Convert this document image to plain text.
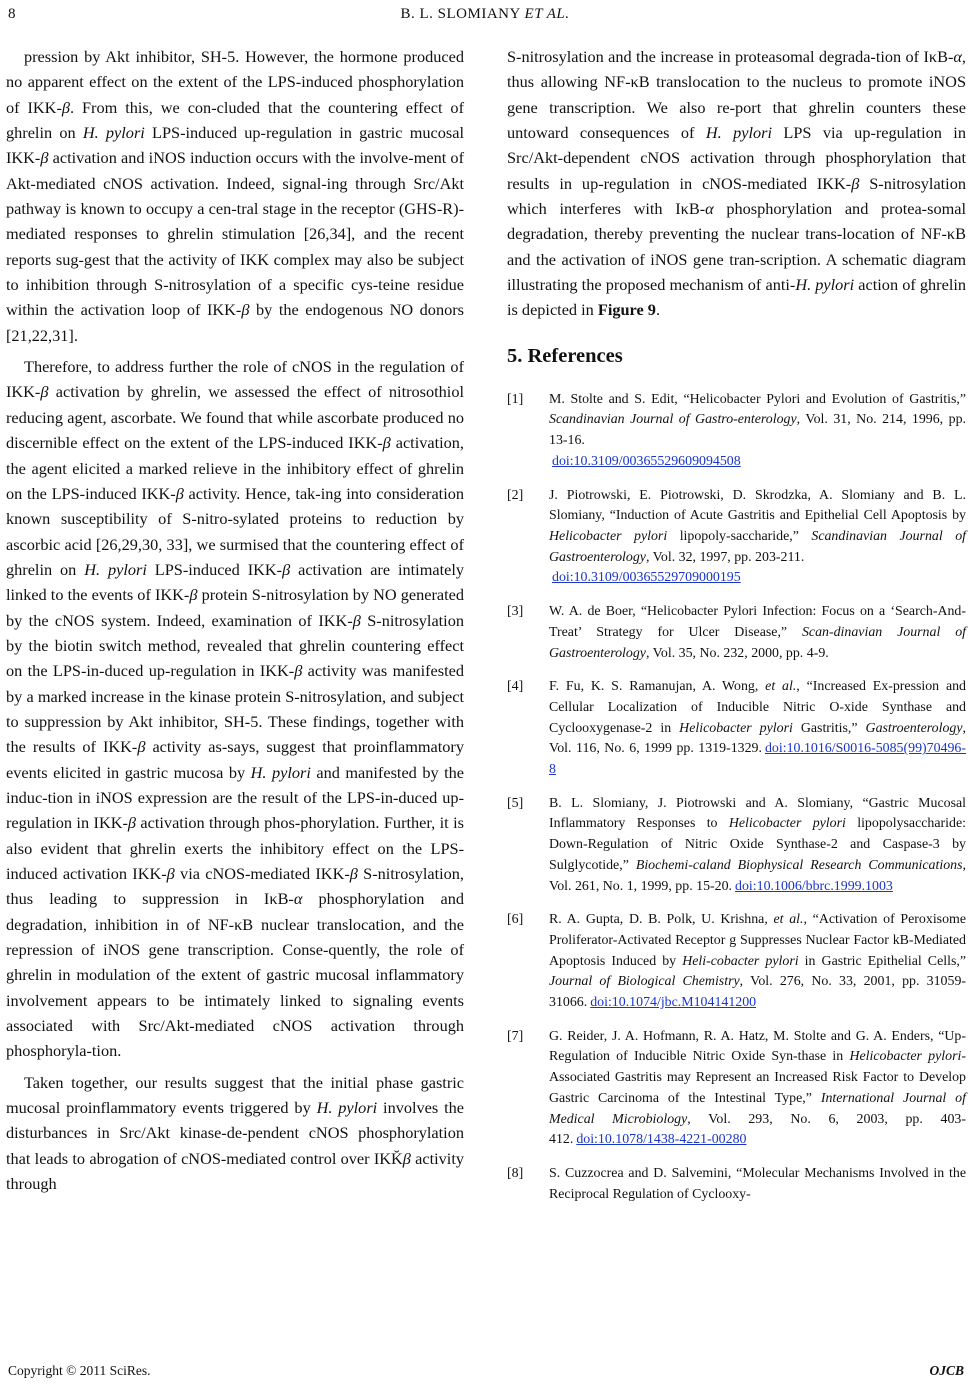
8	B. L. SLOMIANY ET AL.

pression by Akt inhibitor, SH-5. However, the hormone produced no apparent effect on the extent of the LPS-induced phosphorylation of IKK-β. From this, we con-cluded that the countering effect of ghrelin on H. pylori LPS-induced up-regulation in gastric mucosal IKK-β activation and iNOS induction occurs with the involve-ment of Akt-mediated cNOS activation. Indeed, signal-ing through Src/Akt pathway is known to occupy a cen-tral stage in the receptor (GHS-R)-mediated responses to ghrelin stimulation [26,34], and the recent reports sug-gest that the activity of IKK complex may also be subject to inhibition through S-nitrosylation of a specific cys-teine residue within the activation loop of IKK-β by the endogenous NO donors [21,22,31].

Therefore, to address further the role of cNOS in the regulation of IKK-β activation by ghrelin, we assessed the effect of nitrosothiol reducing agent, ascorbate. We found that while ascorbate produced no discernible effect on the extent of the LPS-induced IKK-β activation, the agent elicited a marked relieve in the inhibitory effect of ghrelin on the LPS-induced IKK-β activity. Hence, tak-ing into consideration known susceptibility of S-nitro-sylated proteins to reduction by ascorbic acid [26,29,30, 33], we surmised that the countering effect of ghrelin on H. pylori LPS-induced IKK-β activation are intimately linked to the events of IKK-β protein S-nitrosylation by NO generated by the cNOS system. Indeed, examination of IKK-β S-nitrosylation by the biotin switch method, revealed that ghrelin countering effect on the LPS-in-duced up-regulation in IKK-β activity was manifested by a marked increase in the kinase protein S-nitrosylation, and subject to suppression by Akt inhibitor, SH-5. These findings, together with the results of IKK-β activity as-says, suggest that proinflammatory events elicited in gastric mucosa by H. pylori and manifested by the induc-tion in iNOS expression are the result of the LPS-in-duced up-regulation in IKK-β activation through phos-phorylation. Further, it is also evident that ghrelin exerts the inhibitory effect on the LPS-induced activation IKK-β via cNOS-mediated IKK-β S-nitrosylation, thus leading to suppression in IκB-α phosphorylation and degradation, inhibition in of NF-κB nuclear translocation, and the repression of iNOS gene transcription. Conse-quently, the role of ghrelin in modulation of the extent of gastric mucosal inflammatory involvement appears to be intimately linked to signaling events associated with Src/Akt-mediated cNOS activation through phosphoryla-tion.

Taken together, our results suggest that the initial phase gastric mucosal proinflammatory events triggered by H. pylori involves the disturbances in Src/Akt kinase-de-pendent cNOS phosphorylation that leads to abrogation of cNOS-mediated control over IKK̆β activity through

S-nitrosylation and the increase in proteasomal degrada-tion of IκB-α, thus allowing NF-κB translocation to the nucleus to promote iNOS gene transcription. We also re-port that ghrelin counters these untoward consequences of H. pylori LPS via up-regulation in Src/Akt-dependent cNOS activation through phosphorylation that results in up-regulation in cNOS-mediated IKK-β S-nitrosylation which interferes with IκB-α phosphorylation and protea-somal degradation, thereby preventing the nuclear trans-location of NF-κB and the activation of iNOS gene tran-scription. A schematic diagram illustrating the proposed mechanism of anti-H. pylori action of ghrelin is depicted in Figure 9.

5. References
[1]	M. Stolte and S. Edit, “Helicobacter Pylori and Evolution of Gastritis,” Scandinavian Journal of Gastro-enterology, Vol. 31, No. 214, 1996, pp. 13-16.
doi:10.3109/00365529609094508
[2]	J. Piotrowski, E. Piotrowski, D. Skrodzka, A. Slomiany and B. L. Slomiany, “Induction of Acute Gastritis and Epithelial Cell Apoptosis by Helicobacter pylori lipopoly-saccharide,” Scandinavian Journal of Gastroenterology, Vol. 32, 1997, pp. 203-211.
doi:10.3109/00365529709000195
[3]	W. A. de Boer, “Helicobacter Pylori Infection: Focus on a ‘Search-And-Treat’ Strategy for Ulcer Disease,” Scan-dinavian Journal of Gastroenterology, Vol. 35, No. 232, 2000, pp. 4-9.
[4]	F. Fu, K. S. Ramanujan, A. Wong, et al., “Increased Ex-pression and Cellular Localization of Inducible Nitric O-xide Synthase and Cyclooxygenase-2 in Helicobacter pylori Gastritis,” Gastroenterology, Vol. 116, No. 6, 1999 pp. 1319-1329. doi:10.1016/S0016-5085(99)70496-8
[5]	B. L. Slomiany, J. Piotrowski and A. Slomiany, “Gastric Mucosal Inflammatory Responses to Helicobacter pylori lipopolysaccharide: Down-Regulation of Nitric Oxide Synthase-2 and Caspase-3 by Sulglycotide,” Biochemi-caland Biophysical Research Communications, Vol. 261, No. 1, 1999, pp. 15-20. doi:10.1006/bbrc.1999.1003
[6]	R. A. Gupta, D. B. Polk, U. Krishna, et al., “Activation of Peroxisome Proliferator-Activated Receptor g Suppresses Nuclear Factor kB-Mediated Apoptosis Induced by Heli-cobacter pylori in Gastric Epithelial Cells,” Journal of Biological Chemistry, Vol. 276, No. 33, 2001, pp. 31059-31066. doi:10.1074/jbc.M104141200
[7]	G. Reider, J. A. Hofmann, R. A. Hatz, M. Stolte and G. A. Enders, “Up-Regulation of Inducible Nitric Oxide Syn-thase in Helicobacter pylori-Associated Gastritis may Represent an Increased Risk Factor to Develop Gastric Carcinoma of the Intestinal Type,” International Journal of Medical Microbiology, Vol. 293, No. 6, 2003, pp. 403-412. doi:10.1078/1438-4221-00280
[8]	S. Cuzzocrea and D. Salvemini, “Molecular Mechanisms Involved in the Reciprocal Regulation of Cyclooxy-
Copyright © 2011 SciRes.	OJCB
